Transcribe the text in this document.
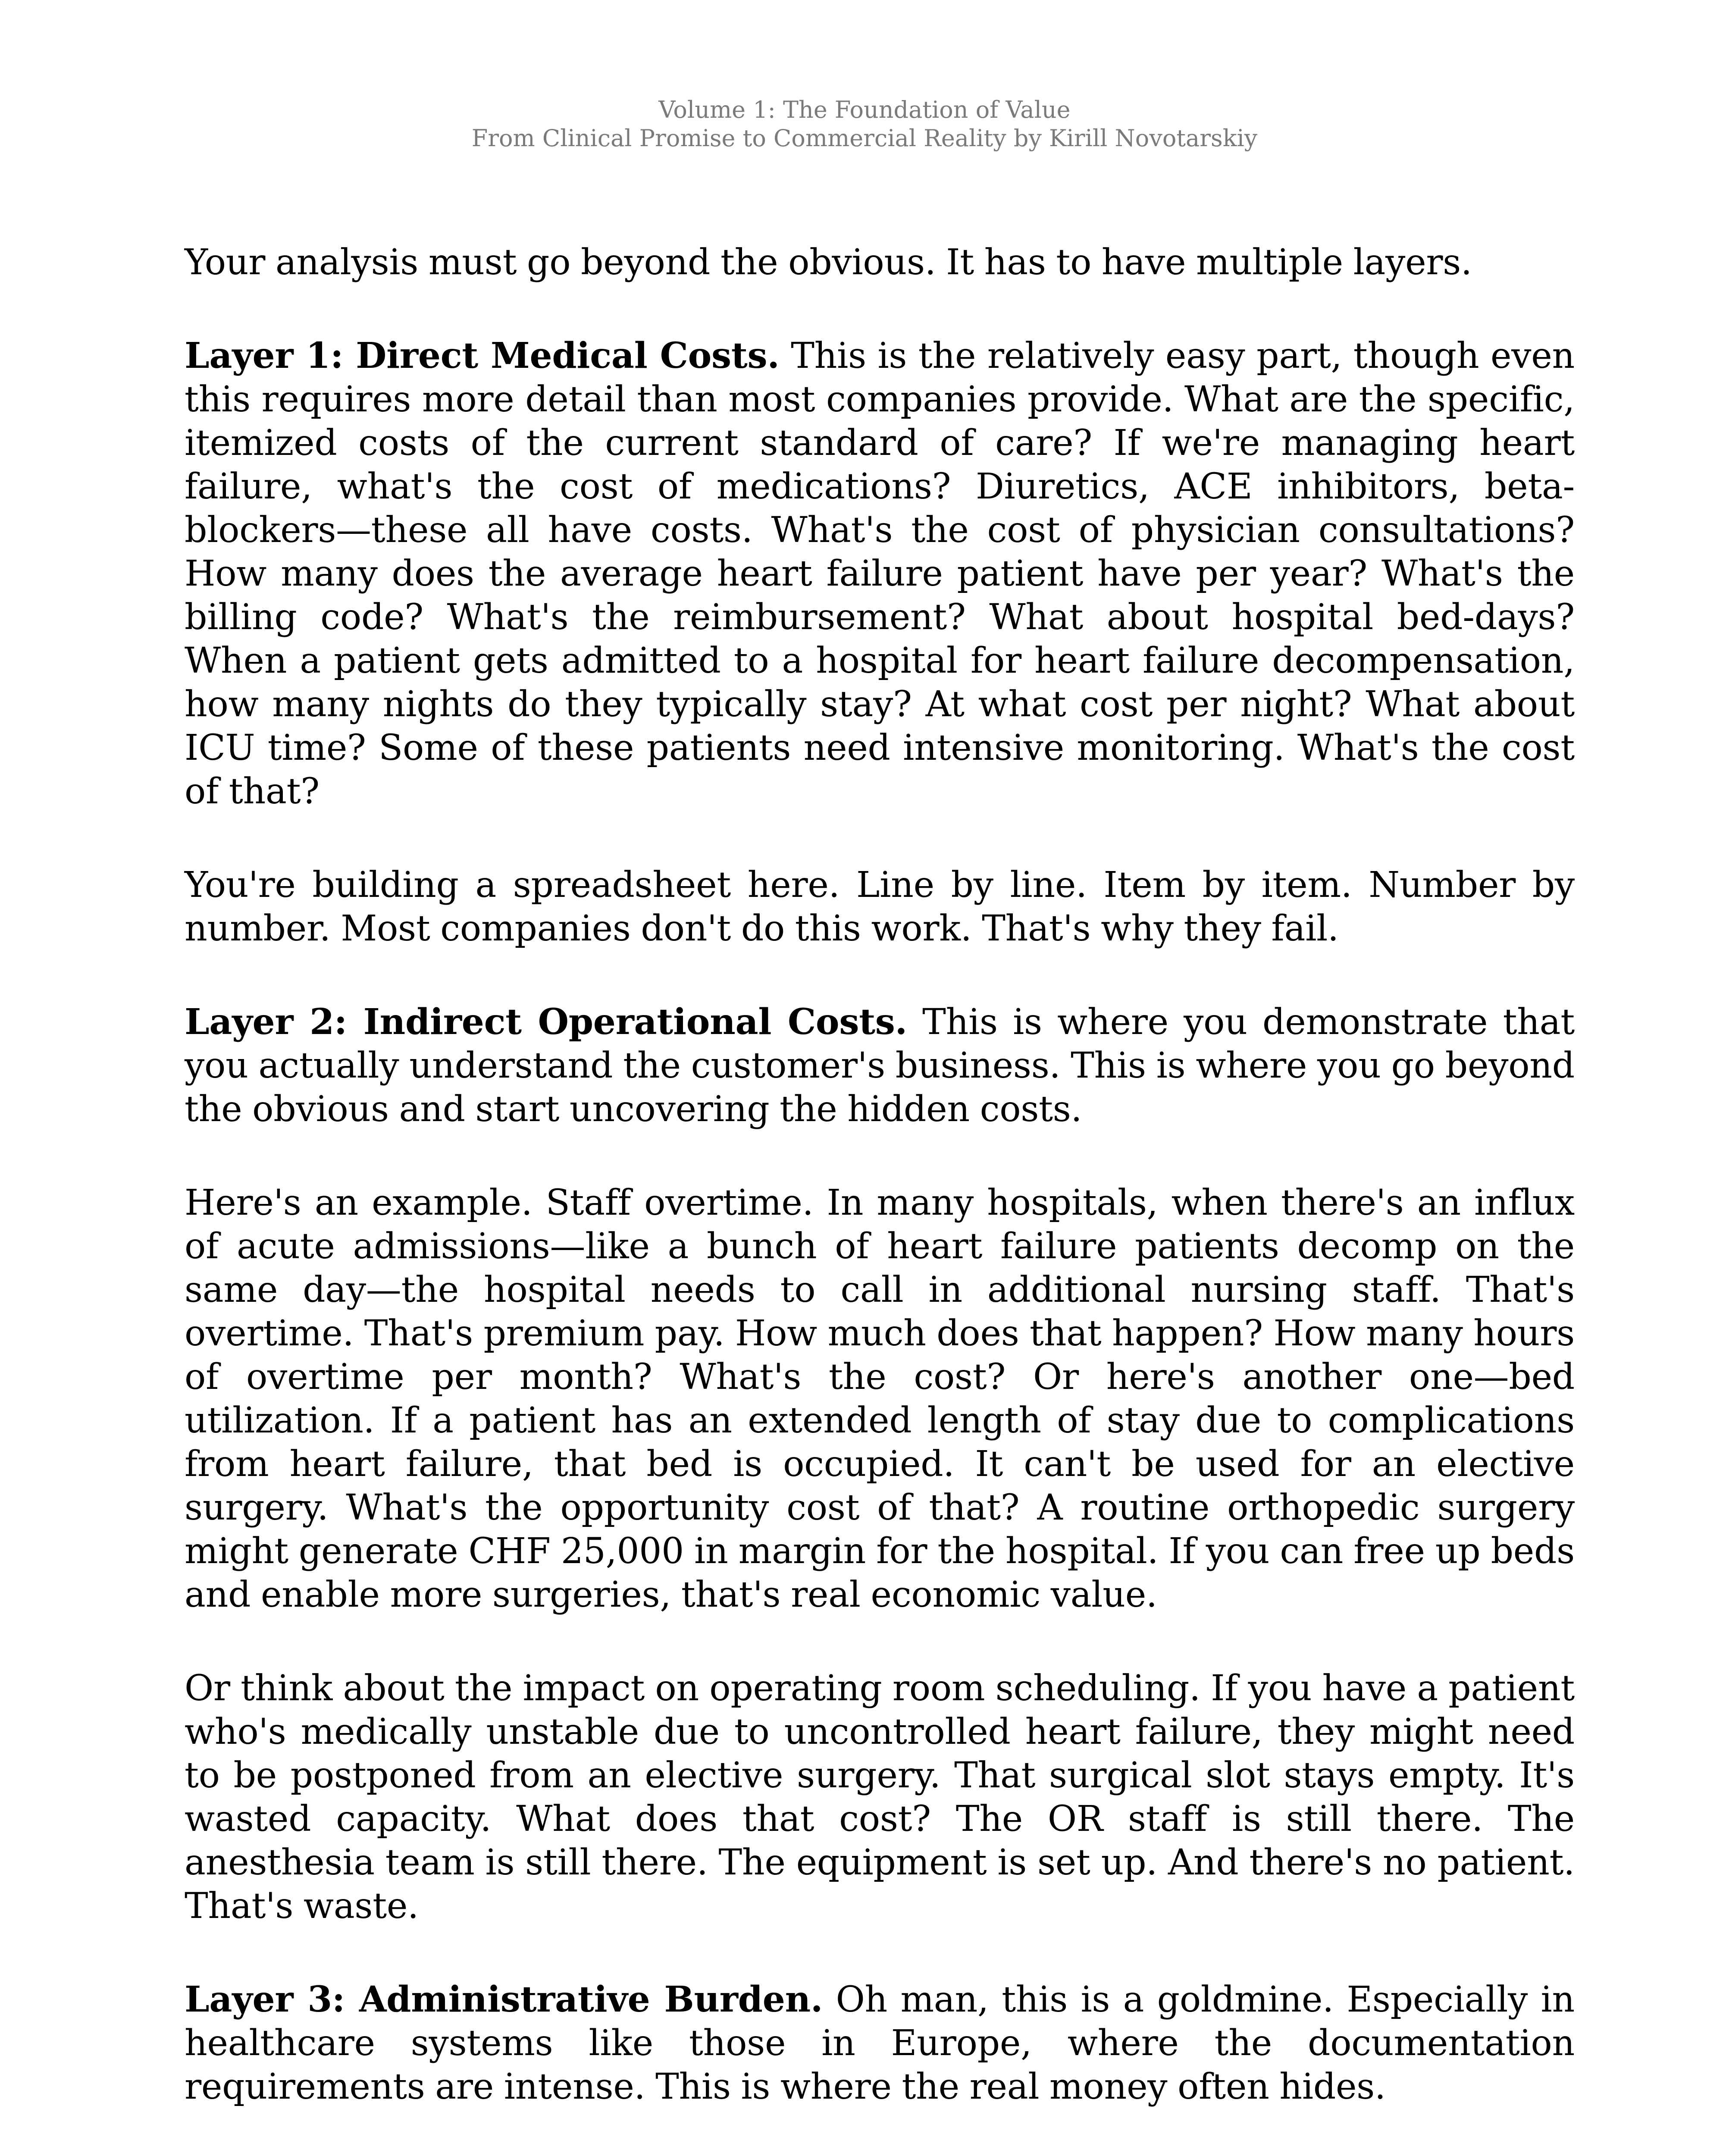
Volume 1: The Foundation of Value
From Clinical Promise to Commercial Reality by Kirill Novotarskiy

Your analysis must go beyond the obvious. It has to have multiple layers.

Layer 1: Direct Medical Costs. This is the relatively easy part, though even this requires more detail than most companies provide. What are the specific, itemized costs of the current standard of care? If we're managing heart failure, what's the cost of medications? Diuretics, ACE inhibitors, beta-blockers—these all have costs. What's the cost of physician consultations? How many does the average heart failure patient have per year? What's the billing code? What's the reimbursement? What about hospital bed-days? When a patient gets admitted to a hospital for heart failure decompensation, how many nights do they typically stay? At what cost per night? What about ICU time? Some of these patients need intensive monitoring. What's the cost of that?

You're building a spreadsheet here. Line by line. Item by item. Number by number. Most companies don't do this work. That's why they fail.

Layer 2: Indirect Operational Costs. This is where you demonstrate that you actually understand the customer's business. This is where you go beyond the obvious and start uncovering the hidden costs.

Here's an example. Staff overtime. In many hospitals, when there's an influx of acute admissions—like a bunch of heart failure patients decomp on the same day—the hospital needs to call in additional nursing staff. That's overtime. That's premium pay. How much does that happen? How many hours of overtime per month? What's the cost? Or here's another one—bed utilization. If a patient has an extended length of stay due to complications from heart failure, that bed is occupied. It can't be used for an elective surgery. What's the opportunity cost of that? A routine orthopedic surgery might generate CHF 25,000 in margin for the hospital. If you can free up beds and enable more surgeries, that's real economic value.

Or think about the impact on operating room scheduling. If you have a patient who's medically unstable due to uncontrolled heart failure, they might need to be postponed from an elective surgery. That surgical slot stays empty. It's wasted capacity. What does that cost? The OR staff is still there. The anesthesia team is still there. The equipment is set up. And there's no patient. That's waste.

Layer 3: Administrative Burden. Oh man, this is a goldmine. Especially in healthcare systems like those in Europe, where the documentation requirements are intense. This is where the real money often hides.
